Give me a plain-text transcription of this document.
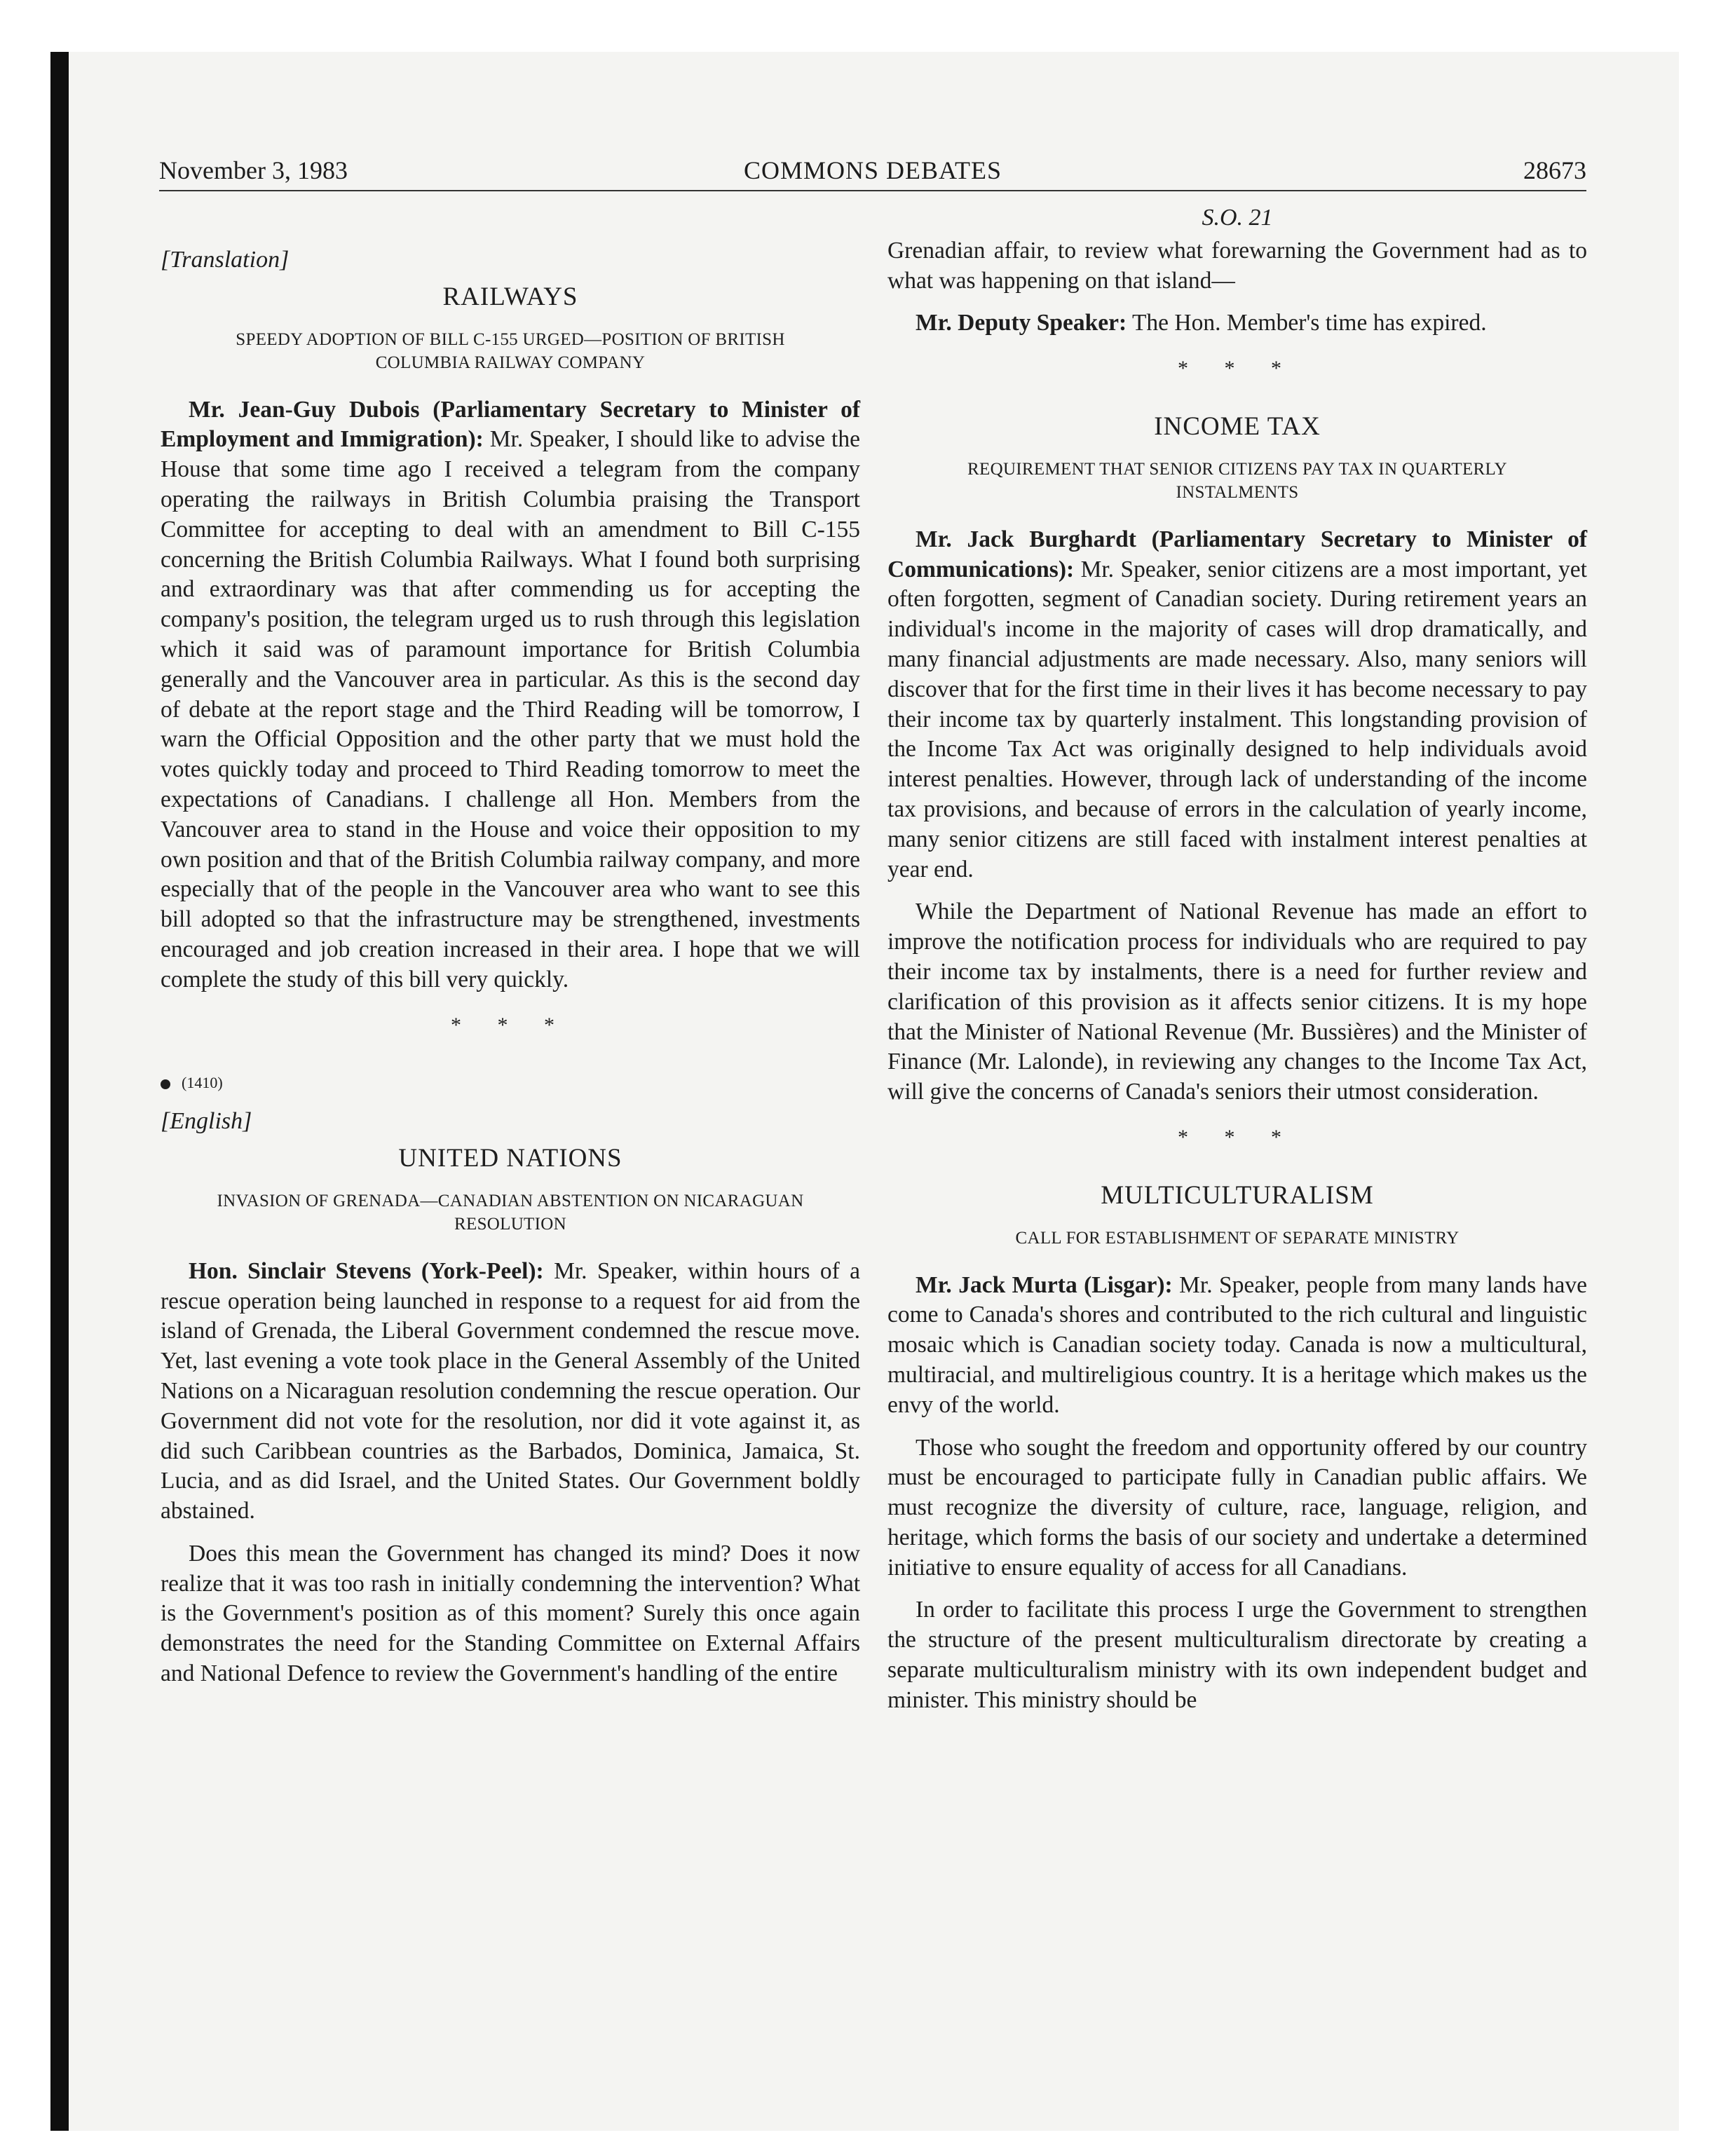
COMMONS DEBATES
November 3, 1983	28673
[Translation]
RAILWAYS
SPEEDY ADOPTION OF BILL C-155 URGED—POSITION OF BRITISH COLUMBIA RAILWAY COMPANY

Mr. Jean-Guy Dubois (Parliamentary Secretary to Minister of Employment and Immigration): Mr. Speaker, I should like to advise the House that some time ago I received a telegram from the company operating the railways in British Columbia praising the Transport Committee for accepting to deal with an amendment to Bill C-155 concerning the British Columbia Railways. What I found both surprising and extraordinary was that after commending us for accepting the company's position, the telegram urged us to rush through this legislation which it said was of paramount importance for British Columbia generally and the Vancouver area in particular. As this is the second day of debate at the report stage and the Third Reading will be tomorrow, I warn the Official Opposition and the other party that we must hold the votes quickly today and proceed to Third Reading tomorrow to meet the expectations of Canadians. I challenge all Hon. Members from the Vancouver area to stand in the House and voice their opposition to my own position and that of the British Columbia railway company, and more especially that of the people in the Vancouver area who want to see this bill adopted so that the infrastructure may be strengthened, investments encouraged and job creation increased in their area. I hope that we will complete the study of this bill very quickly.

* * *
(1410)
[English]
UNITED NATIONS
INVASION OF GRENADA—CANADIAN ABSTENTION ON NICARAGUAN RESOLUTION

Hon. Sinclair Stevens (York-Peel): Mr. Speaker, within hours of a rescue operation being launched in response to a request for aid from the island of Grenada, the Liberal Government condemned the rescue move. Yet, last evening a vote took place in the General Assembly of the United Nations on a Nicaraguan resolution condemning the rescue operation. Our Government did not vote for the resolution, nor did it vote against it, as did such Caribbean countries as the Barbados, Dominica, Jamaica, St. Lucia, and as did Israel, and the United States. Our Government boldly abstained.

Does this mean the Government has changed its mind? Does it now realize that it was too rash in initially condemning the intervention? What is the Government's position as of this moment? Surely this once again demonstrates the need for the Standing Committee on External Affairs and National Defence to review the Government's handling of the entire

S.O. 21

Grenadian affair, to review what forewarning the Government had as to what was happening on that island—

Mr. Deputy Speaker: The Hon. Member's time has expired.

* * *
INCOME TAX
REQUIREMENT THAT SENIOR CITIZENS PAY TAX IN QUARTERLY INSTALMENTS

Mr. Jack Burghardt (Parliamentary Secretary to Minister of Communications): Mr. Speaker, senior citizens are a most important, yet often forgotten, segment of Canadian society. During retirement years an individual's income in the majority of cases will drop dramatically, and many financial adjustments are made necessary. Also, many seniors will discover that for the first time in their lives it has become necessary to pay their income tax by quarterly instalment. This longstanding provision of the Income Tax Act was originally designed to help individuals avoid interest penalties. However, through lack of understanding of the income tax provisions, and because of errors in the calculation of yearly income, many senior citizens are still faced with instalment interest penalties at year end.

While the Department of National Revenue has made an effort to improve the notification process for individuals who are required to pay their income tax by instalments, there is a need for further review and clarification of this provision as it affects senior citizens. It is my hope that the Minister of National Revenue (Mr. Bussières) and the Minister of Finance (Mr. Lalonde), in reviewing any changes to the Income Tax Act, will give the concerns of Canada's seniors their utmost consideration.

* * *
MULTICULTURALISM
CALL FOR ESTABLISHMENT OF SEPARATE MINISTRY

Mr. Jack Murta (Lisgar): Mr. Speaker, people from many lands have come to Canada's shores and contributed to the rich cultural and linguistic mosaic which is Canadian society today. Canada is now a multicultural, multiracial, and multireligious country. It is a heritage which makes us the envy of the world.

Those who sought the freedom and opportunity offered by our country must be encouraged to participate fully in Canadian public affairs. We must recognize the diversity of culture, race, language, religion, and heritage, which forms the basis of our society and undertake a determined initiative to ensure equality of access for all Canadians.

In order to facilitate this process I urge the Government to strengthen the structure of the present multiculturalism directorate by creating a separate multiculturalism ministry with its own independent budget and minister. This ministry should be
